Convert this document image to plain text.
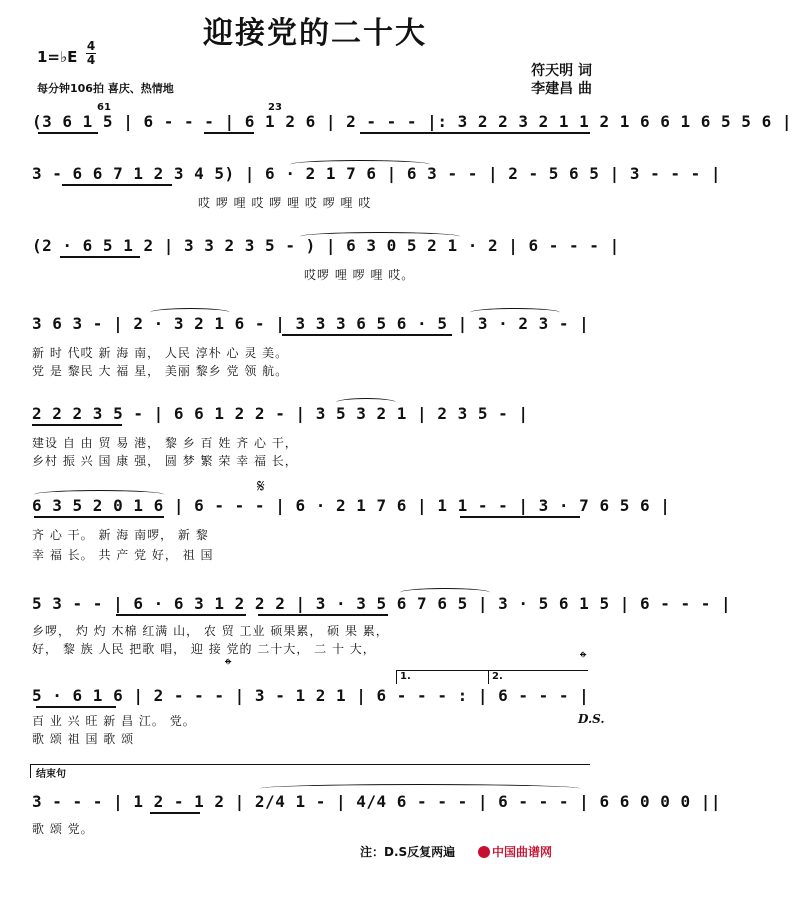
迎接党的二十大
1=♭E
4
4
每分钟106拍 喜庆、热情地
符天明 词
李建昌 曲
61	23
(3 6 1 5 | 6 - - - | 6 1 2 6 | 2 - - - |: 3 2 2 3 2 1 1 2 1 6 6 1 6 5 5 6 |
3 - 6 6 7 1 2 3 4 5) | 6 · 2 1 7 6 | 6 3 - - | 2 - 5 6 5 | 3 - - - |
哎 啰 哩 哎 啰 哩 哎 啰 哩 哎
(2 · 6 5 1 2 | 3 3 2 3 5 - ) | 6 3 0 5 2 1 · 2 | 6 - - - |
哎啰 哩 啰 哩 哎。
3 6 3 - | 2 · 3 2 1 6 - | 3 3 3 6 5 6 · 5 | 3 · 2 3 - |
新 时 代哎 新 海 南， 人民 淳朴 心 灵 美。
党 是 黎民 大 福 星， 美丽 黎乡 党 领 航。
2 2 2 3 5 - | 6 6 1 2 2 - | 3 5 3 2 1 | 2 3 5 - |
建设 自 由 贸 易 港， 黎 乡 百 姓 齐 心 干，
乡村 振 兴 国 康 强， 圆 梦 繁 荣 幸 福 长，
𝄋
6 3 5 2 0 1 6 | 6 - - - | 6 · 2 1 7 6 | 1 1 - - | 3 · 7 6 5 6 |
齐 心 干。 新 海 南啰， 新 黎
幸 福 长。 共 产 党 好， 祖 国
5 3 - - | 6 · 6 3 1 2 2 2 | 3 · 3 5 6 7 6 5 | 3 · 5 6 1 5 | 6 - - - |
乡啰， 灼 灼 木棉 红满 山， 农 贸 工业 硕果累， 硕 果 累，
好， 黎 族 人民 把歌 唱， 迎 接 党的 二十大， 二 十 大，
𝄌	𝄌
1.	2.
5 · 6 1 6 | 2 - - - | 3 - 1 2 1 | 6 - - - : | 6 - - - |
百 业 兴 旺 新 昌 江。 党。
歌 颂 祖 国 歌 颂
D.S.
结束句
3 - - - | 1 2 - 1 2 | 2/4 1 - | 4/4 6 - - - | 6 - - - | 6 6 0 0 0 ||
歌 颂 党。
注：D.S反复两遍	中国曲谱网
